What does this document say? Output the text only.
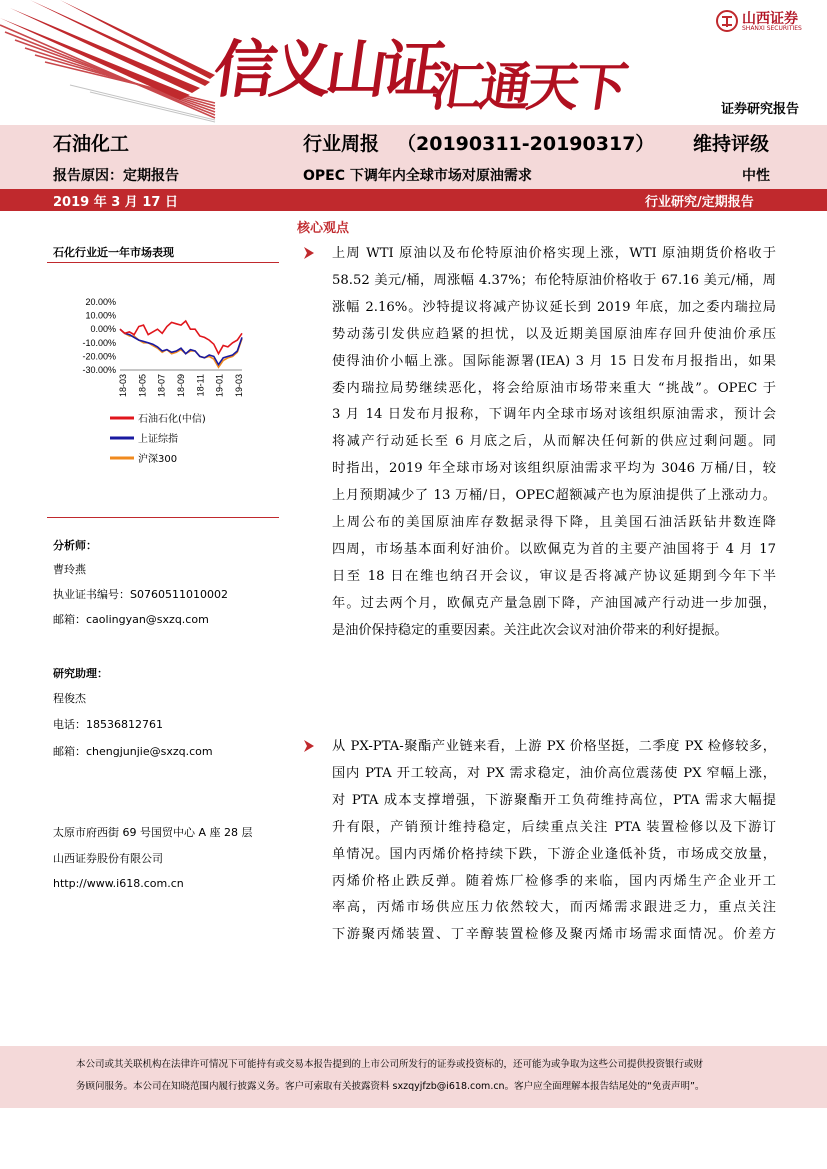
信义山证
汇通天下
山西证券
SHANXI SECURITIES
证券研究报告
石油化工	行业周报 （20190311-20190317） 维持评级
报告原因：定期报告	OPEC 下调年内全球市场对原油需求	中性
2019 年 3 月 17 日	行业研究/定期报告
石化行业近一年市场表现
20.00%
10.00%
0.00%
-10.00%
-20.00%
-30.00%
18-03 18-05 18-07 18-09 18-11 19-01 19-03
石油石化(中信)
上证综指
沪深300
分析师：
曹玲燕
执业证书编号：S0760511010002
邮箱：caolingyan@sxzq.com
研究助理：
程俊杰
电话：18536812761
邮箱：chengjunjie@sxzq.com
太原市府西街 69 号国贸中心 A 座 28 层
山西证券股份有限公司
http://www.i618.com.cn
核心观点
上周 WTI 原油以及布伦特原油价格实现上涨，WTI 原油期货价格收于
58.52 美元/桶，周涨幅 4.37%；布伦特原油价格收于 67.16 美元/桶，周
涨幅 2.16%。沙特提议将减产协议延长到 2019 年底，加之委内瑞拉局
势动荡引发供应趋紧的担忧，以及近期美国原油库存回升使油价承压
使得油价小幅上涨。国际能源署(IEA) 3 月 15 日发布月报指出，如果
委内瑞拉局势继续恶化，将会给原油市场带来重大 “挑战”。OPEC 于
3 月 14 日发布月报称，下调年内全球市场对该组织原油需求，预计会
将减产行动延长至 6 月底之后，从而解决任何新的供应过剩问题。同
时指出，2019 年全球市场对该组织原油需求平均为 3046 万桶/日，较
上月预期减少了 13 万桶/日，OPEC超额减产也为原油提供了上涨动力。
上周公布的美国原油库存数据录得下降，且美国石油活跃钻井数连降
四周，市场基本面利好油价。以欧佩克为首的主要产油国将于 4 月 17
日至 18 日在维也纳召开会议，审议是否将减产协议延期到今年下半
年。过去两个月，欧佩克产量急剧下降，产油国减产行动进一步加强，
是油价保持稳定的重要因素。关注此次会议对油价带来的利好提振。
从 PX-PTA-聚酯产业链来看，上游 PX 价格坚挺，二季度 PX 检修较多，
国内 PTA 开工较高，对 PX 需求稳定，油价高位震荡使 PX 窄幅上涨，
对 PTA 成本支撑增强，下游聚酯开工负荷维持高位，PTA 需求大幅提
升有限，产销预计维持稳定，后续重点关注 PTA 装置检修以及下游订
单情况。国内丙烯价格持续下跌，下游企业逢低补货，市场成交放量，
丙烯价格止跌反弹。随着炼厂检修季的来临，国内丙烯生产企业开工
率高，丙烯市场供应压力依然较大，而丙烯需求跟进乏力，重点关注
下游聚丙烯装置、丁辛醇装置检修及聚丙烯市场需求面情况。价差方
本公司或其关联机构在法律许可情况下可能持有或交易本报告提到的上市公司所发行的证券或投资标的，还可能为或争取为这些公司提供投资银行或财
务顾问服务。本公司在知晓范围内履行披露义务。客户可索取有关披露资料 sxzqyjfzb@i618.com.cn。客户应全面理解本报告结尾处的“免责声明”。
